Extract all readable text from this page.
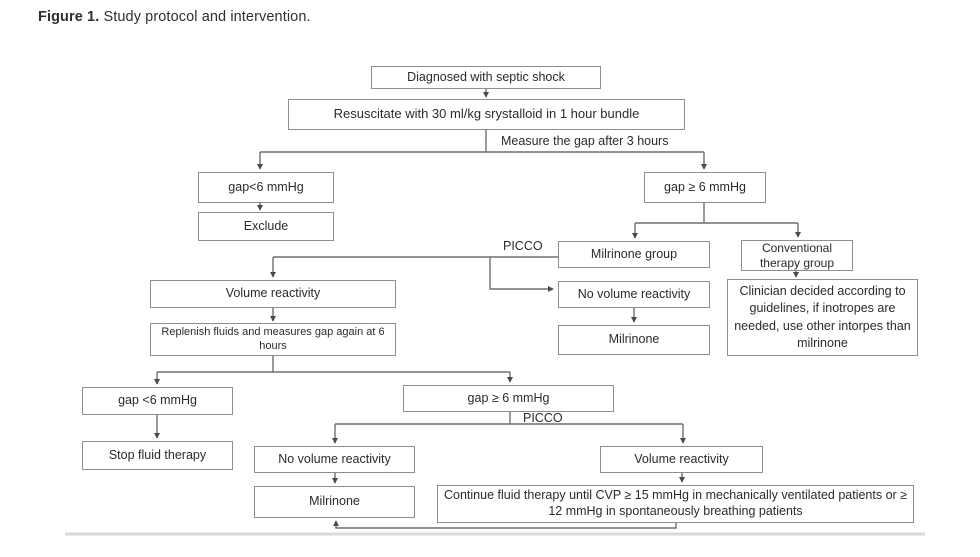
Figure 1. Study protocol and intervention.
Diagnosed with septic shock
Resuscitate with 30 ml/kg srystalloid in 1 hour bundle
Measure the gap after 3 hours
gap<6 mmHg
Exclude
gap ≥ 6 mmHg
PICCO
Milrinone group	Conventional therapy group
Volume reactivity	No volume reactivity
Milrinone
Clinician decided according to guidelines, if inotropes are needed, use other intorpes than milrinone
Replenish fluids and measures gap again at 6 hours
gap <6 mmHg	gap ≥ 6 mmHg
PICCO
Stop fluid therapy	No volume reactivity
Milrinone
Volume reactivity
Continue fluid therapy until CVP ≥ 15 mmHg in mechanically ventilated patients or ≥ 12 mmHg in spontaneously breathing patients
